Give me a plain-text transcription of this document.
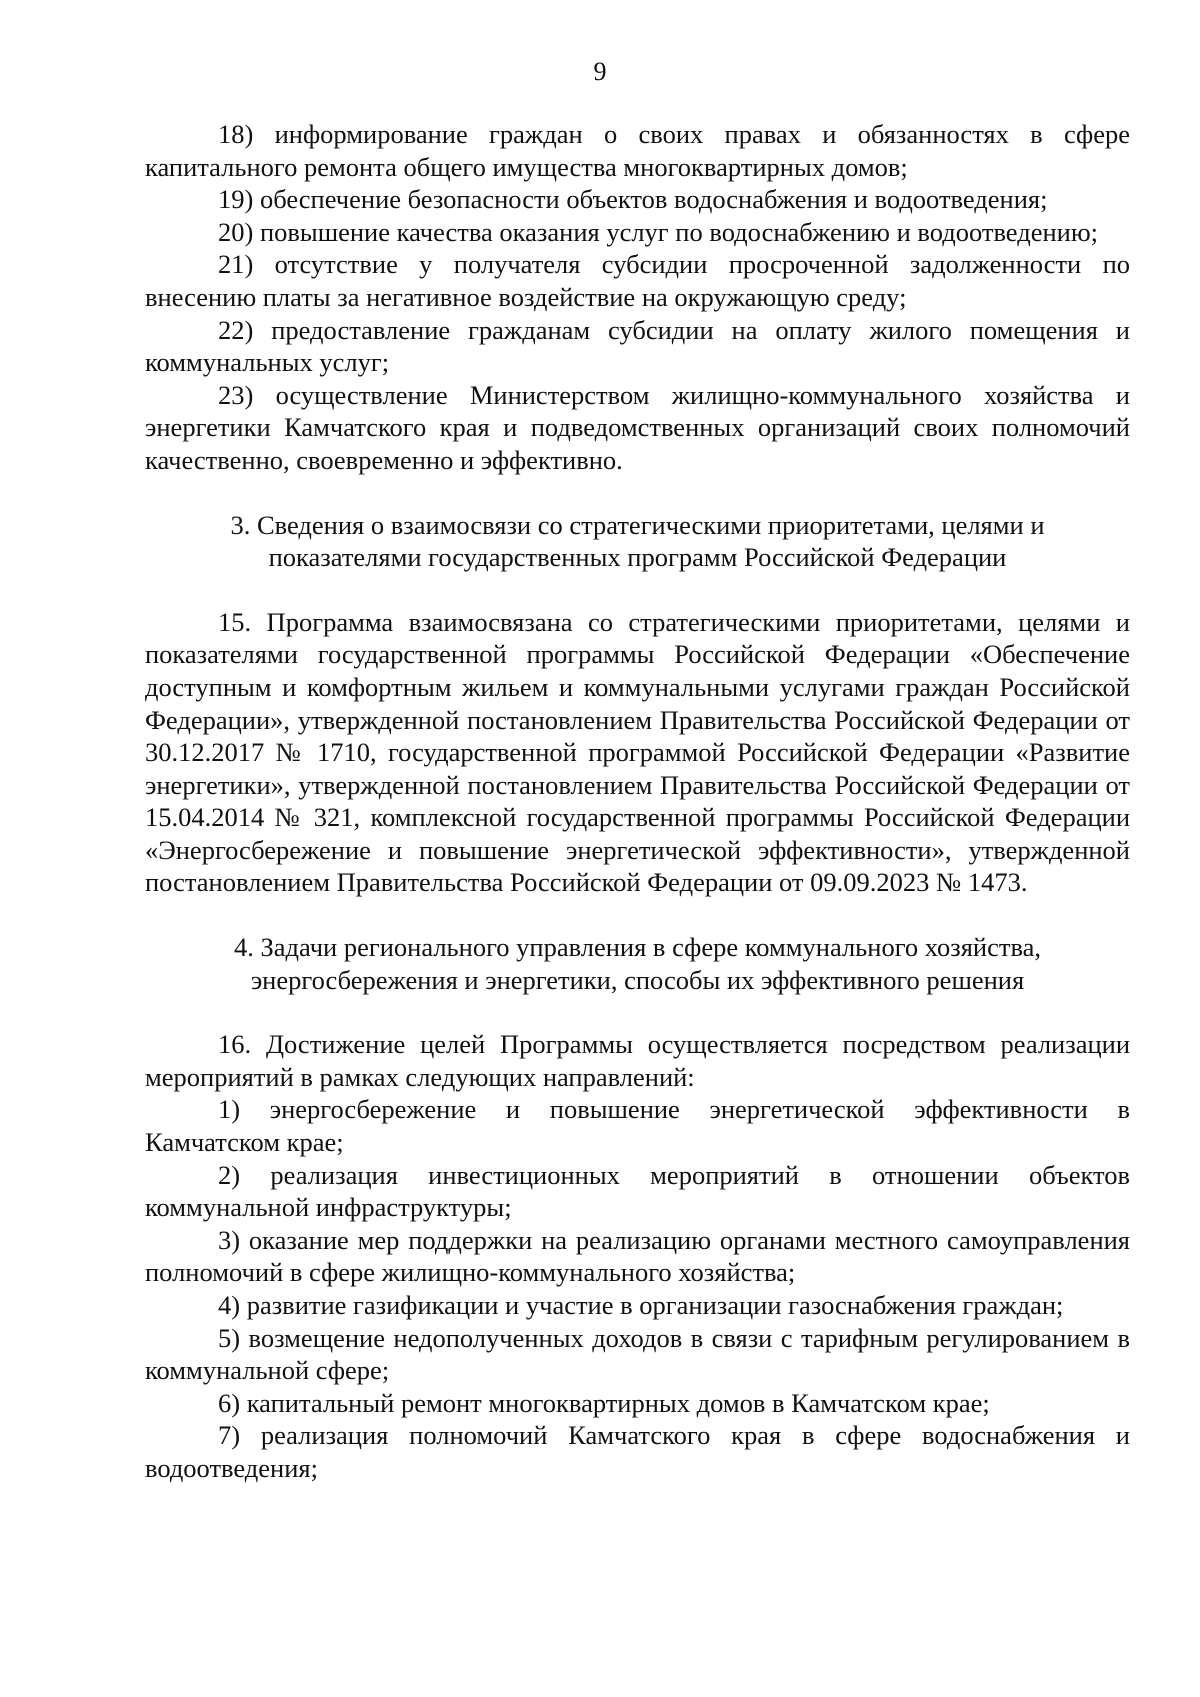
9

18) информирование граждан о своих правах и обязанностях в сфере капитального ремонта общего имущества многоквартирных домов;

19) обеспечение безопасности объектов водоснабжения и водоотведения;

20) повышение качества оказания услуг по водоснабжению и водоотведению;

21) отсутствие у получателя субсидии просроченной задолженности по внесению платы за негативное воздействие на окружающую среду;

22) предоставление гражданам субсидии на оплату жилого помещения и коммунальных услуг;

23) осуществление Министерством жилищно-коммунального хозяйства и энергетики Камчатского края и подведомственных организаций своих полномочий качественно, своевременно и эффективно.

3. Сведения о взаимосвязи со стратегическими приоритетами, целями и показателями государственных программ Российской Федерации

15. Программа взаимосвязана со стратегическими приоритетами, целями и показателями государственной программы Российской Федерации «Обеспечение доступным и комфортным жильем и коммунальными услугами граждан Российской Федерации», утвержденной постановлением Правительства Российской Федерации от 30.12.2017 № 1710, государственной программой Российской Федерации «Развитие энергетики», утвержденной постановлением Правительства Российской Федерации от 15.04.2014 № 321, комплексной государственной программы Российской Федерации «Энергосбережение и повышение энергетической эффективности», утвержденной постановлением Правительства Российской Федерации от 09.09.2023 № 1473.

4. Задачи регионального управления в сфере коммунального хозяйства, энергосбережения и энергетики, способы их эффективного решения

16. Достижение целей Программы осуществляется посредством реализации мероприятий в рамках следующих направлений:

1) энергосбережение и повышение энергетической эффективности в Камчатском крае;

2) реализация инвестиционных мероприятий в отношении объектов коммунальной инфраструктуры;

3) оказание мер поддержки на реализацию органами местного самоуправления полномочий в сфере жилищно-коммунального хозяйства;

4) развитие газификации и участие в организации газоснабжения граждан;

5) возмещение недополученных доходов в связи с тарифным регулированием в коммунальной сфере;

6) капитальный ремонт многоквартирных домов в Камчатском крае;

7) реализация полномочий Камчатского края в сфере водоснабжения и водоотведения;
